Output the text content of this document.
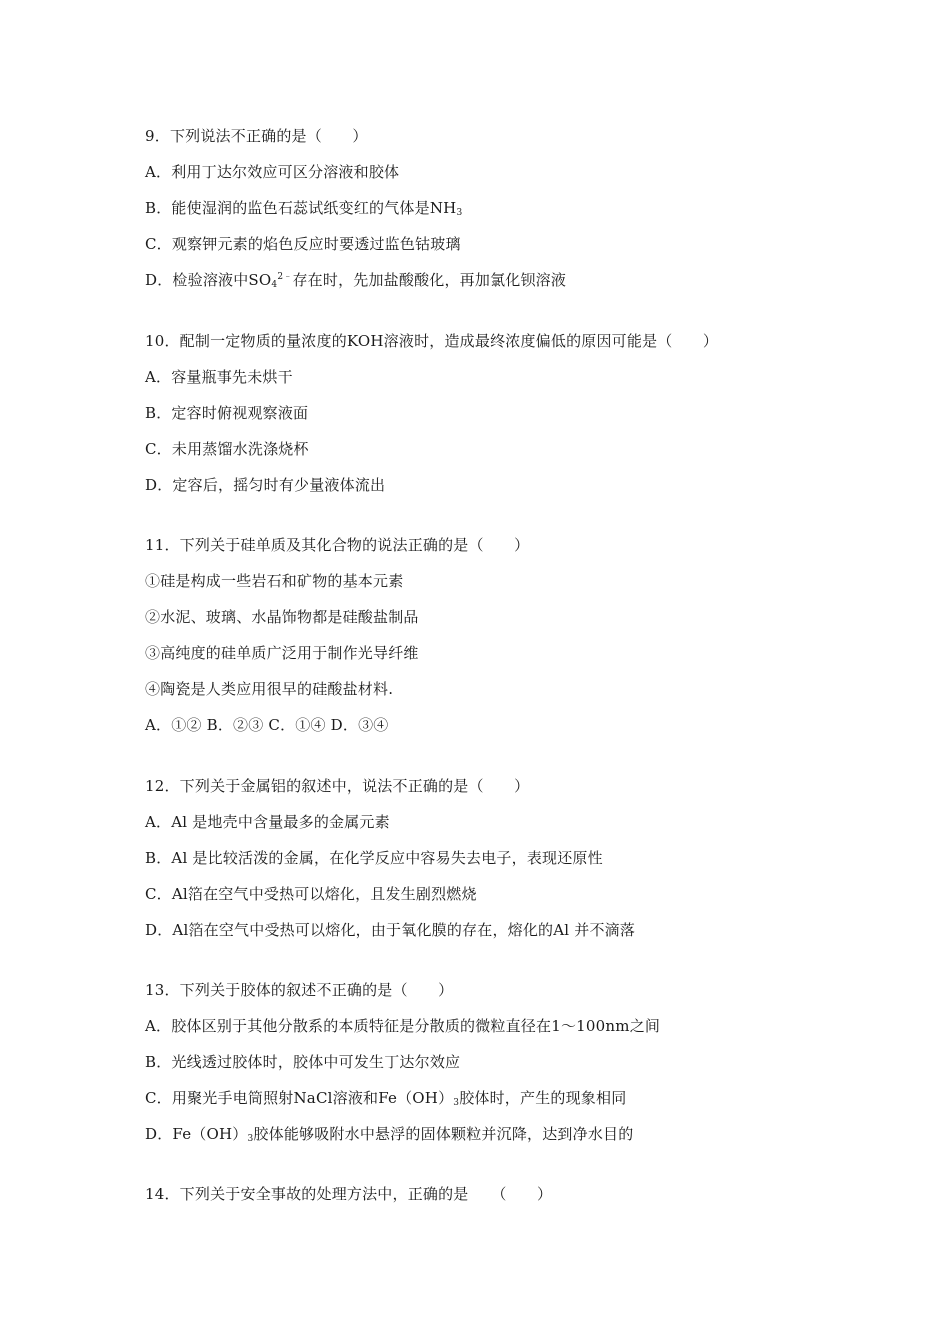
9．下列说法不正确的是（　　）
A．利用丁达尔效应可区分溶液和胶体
B．能使湿润的监色石蕊试纸变红的气体是$NH_3$
C．观察钾元素的焰色反应时要透过监色钴玻璃
D．检验溶液中$SO_4^{2﹣}$存在时，先加盐酸酸化，再加氯化钡溶液
10．配制一定物质的量浓度的KOH溶液时，造成最终浓度偏低的原因可能是（　　）
A．容量瓶事先未烘干
B．定容时俯视观察液面
C．未用蒸馏水洗涤烧杯
D．定容后，摇匀时有少量液体流出
11．下列关于硅单质及其化合物的说法正确的是（　　）
①硅是构成一些岩石和矿物的基本元素
②水泥、玻璃、水晶饰物都是硅酸盐制品
③高纯度的硅单质广泛用于制作光导纤维
④陶瓷是人类应用很早的硅酸盐材料.
A．①② B．②③ C．①④ D．③④
12．下列关于金属铝的叙述中，说法不正确的是（　　）
A．Al 是地壳中含量最多的金属元素
B．Al 是比较活泼的金属，在化学反应中容易失去电子，表现还原性
C．Al箔在空气中受热可以熔化，且发生剧烈燃烧
D．Al箔在空气中受热可以熔化，由于氧化膜的存在，熔化的Al 并不滴落
13．下列关于胶体的叙述不正确的是（　　）
A．胶体区别于其他分散系的本质特征是分散质的微粒直径在1～100nm之间
B．光线透过胶体时，胶体中可发生丁达尔效应
C．用聚光手电筒照射NaCl溶液和$Fe(OH)_3$胶体时，产生的现象相同
D．$Fe(OH)_3$胶体能够吸附水中悬浮的固体颗粒并沉降，达到净水目的
14．下列关于安全事故的处理方法中，正确的是　　（　　）
